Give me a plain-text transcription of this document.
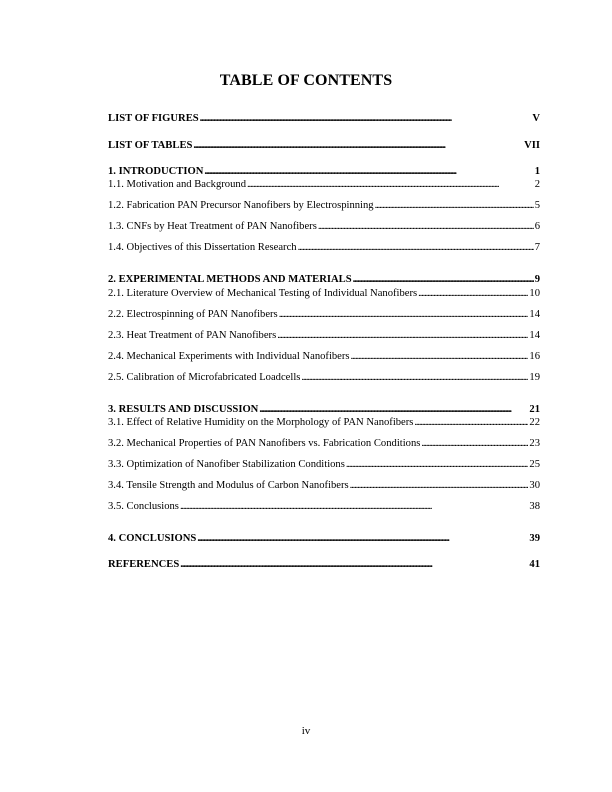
TABLE OF CONTENTS
LIST OF FIGURES . . .	V
LIST OF TABLES . . .	VII
1. INTRODUCTION . . .	1
1.1. Motivation and Background . . .	2
1.2. Fabrication PAN Precursor Nanofibers by Electrospinning . . .	5
1.3. CNFs by Heat Treatment of PAN Nanofibers . . .	6
1.4. Objectives of this Dissertation Research . . .	7
2. EXPERIMENTAL METHODS AND MATERIALS . . .	9
2.1. Literature Overview of Mechanical Testing of Individual Nanofibers . . .	10
2.2. Electrospinning of PAN Nanofibers . . .	14
2.3. Heat Treatment of PAN Nanofibers . . .	14
2.4. Mechanical Experiments with Individual Nanofibers . . .	16
2.5. Calibration of Microfabricated Loadcells . . .	19
3. RESULTS AND DISCUSSION . . .	21
3.1. Effect of Relative Humidity on the Morphology of PAN Nanofibers . . .	22
3.2. Mechanical Properties of PAN Nanofibers vs. Fabrication Conditions . . .	23
3.3. Optimization of Nanofiber Stabilization Conditions . . .	25
3.4. Tensile Strength and Modulus of Carbon Nanofibers . . .	30
3.5. Conclusions . . .	38
4. CONCLUSIONS . . .	39
REFERENCES . . .	41
iv
